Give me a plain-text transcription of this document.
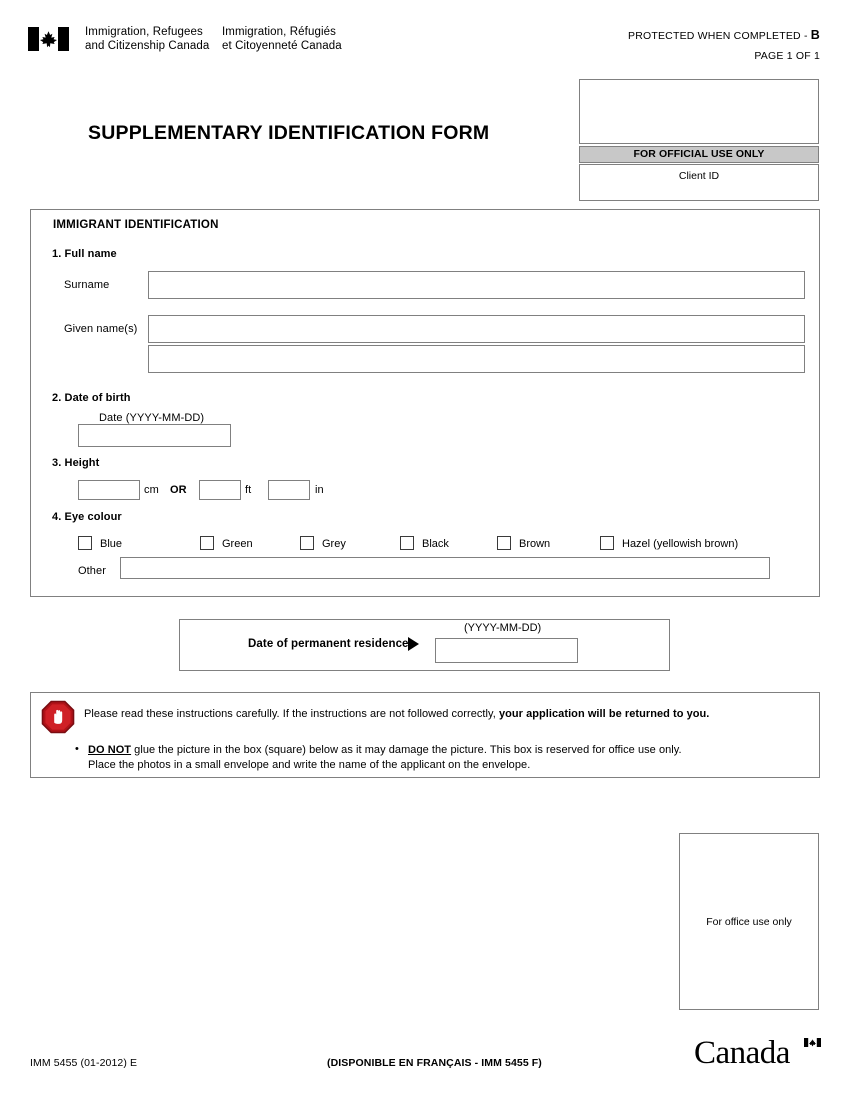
Immigration, Refugees
and Citizenship Canada
Immigration, Réfugiés
et Citoyenneté Canada
PROTECTED WHEN COMPLETED - B
PAGE 1 OF 1
SUPPLEMENTARY IDENTIFICATION FORM
FOR OFFICIAL USE ONLY
Client ID
IMMIGRANT IDENTIFICATION
1. Full name
Surname
Given name(s)
2. Date of birth
Date (YYYY-MM-DD)
3. Height
cm OR	ft	in
4. Eye colour
Blue	Green	Grey	Black	Brown	Hazel (yellowish brown)
Other
Date of permanent residence
(YYYY-MM-DD)
Please read these instructions carefully. If the instructions are not followed correctly, your application will be returned to you.
• DO NOT glue the picture in the box (square) below as it may damage the picture. This box is reserved for office use only.
Place the photos in a small envelope and write the name of the applicant on the envelope.
For office use only
IMM 5455 (01-2012) E	(DISPONIBLE EN FRANÇAIS - IMM 5455 F)	Canada
